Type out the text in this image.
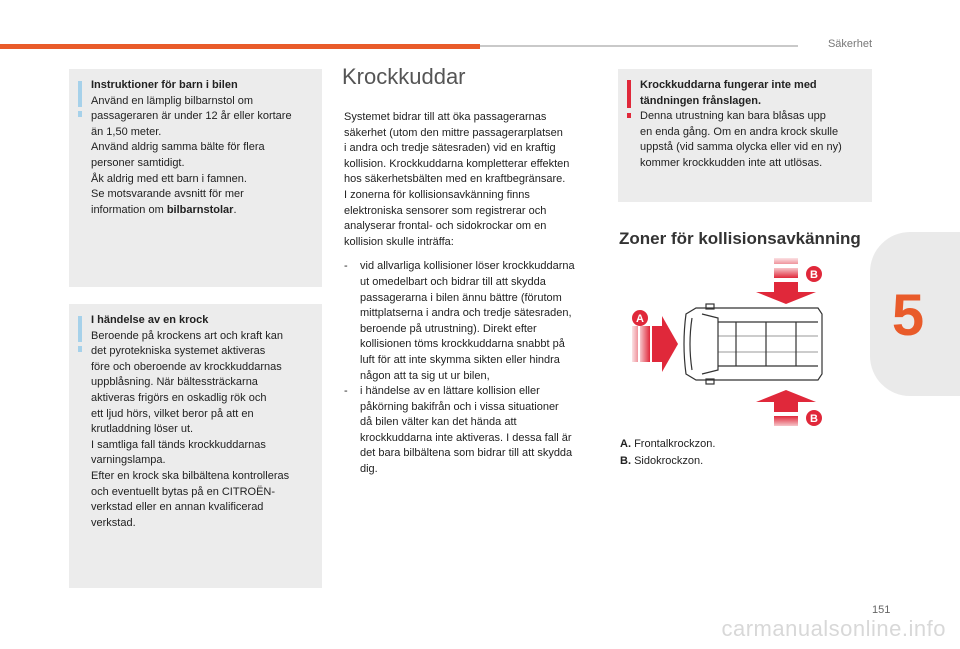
Säkerhet
5
Instruktioner för barn i bilen
Använd en lämplig bilbarnstol om
passageraren är under 12 år eller kortare
än 1,50 meter.
Använd aldrig samma bälte för flera
personer samtidigt.
Åk aldrig med ett barn i famnen.
Se motsvarande avsnitt för mer
information om bilbarnstolar.
I händelse av en krock
Beroende på krockens art och kraft kan
det pyrotekniska systemet aktiveras
före och oberoende av krockkuddarnas
uppblåsning. När bältessträckarna
aktiveras frigörs en oskadlig rök och
ett ljud hörs, vilket beror på att en
krutladdning löser ut.
I samtliga fall tänds krockkuddarnas
varningslampa.
Efter en krock ska bilbältena kontrolleras
och eventuellt bytas på en CITROËN-
verkstad eller en annan kvalificerad
verkstad.
Krockkuddar
Systemet bidrar till att öka passagerarnas
säkerhet (utom den mittre passagerarplatsen
i andra och tredje sätesraden) vid en kraftig
kollision. Krockkuddarna kompletterar effekten
hos säkerhetsbälten med en kraftbegränsare.
I zonerna för kollisionsavkänning finns
elektroniska sensorer som registrerar och
analyserar frontal- och sidokrockar om en
kollision skulle inträffa:
- vid allvarliga kollisioner löser krockkuddarna
ut omedelbart och bidrar till att skydda
passagerarna i bilen ännu bättre (förutom
mittplatserna i andra och tredje sätesraden,
beroende på utrustning). Direkt efter
kollisionen töms krockkuddarna snabbt på
luft för att inte skymma sikten eller hindra
någon att ta sig ut ur bilen,
- i händelse av en lättare kollision eller
påkörning bakifrån och i vissa situationer
då bilen välter kan det hända att
krockkuddarna inte aktiveras. I dessa fall är
det bara bilbältena som bidrar till att skydda
dig.
Krockkuddarna fungerar inte med
tändningen frånslagen.
Denna utrustning kan bara blåsas upp
en enda gång. Om en andra krock skulle
uppstå (vid samma olycka eller vid en ny)
kommer krockkudden inte att utlösas.
Zoner för kollisionsavkänning
A
B
B
A. Frontalkrockzon.
B. Sidokrockzon.
151
carmanualsonline.info
